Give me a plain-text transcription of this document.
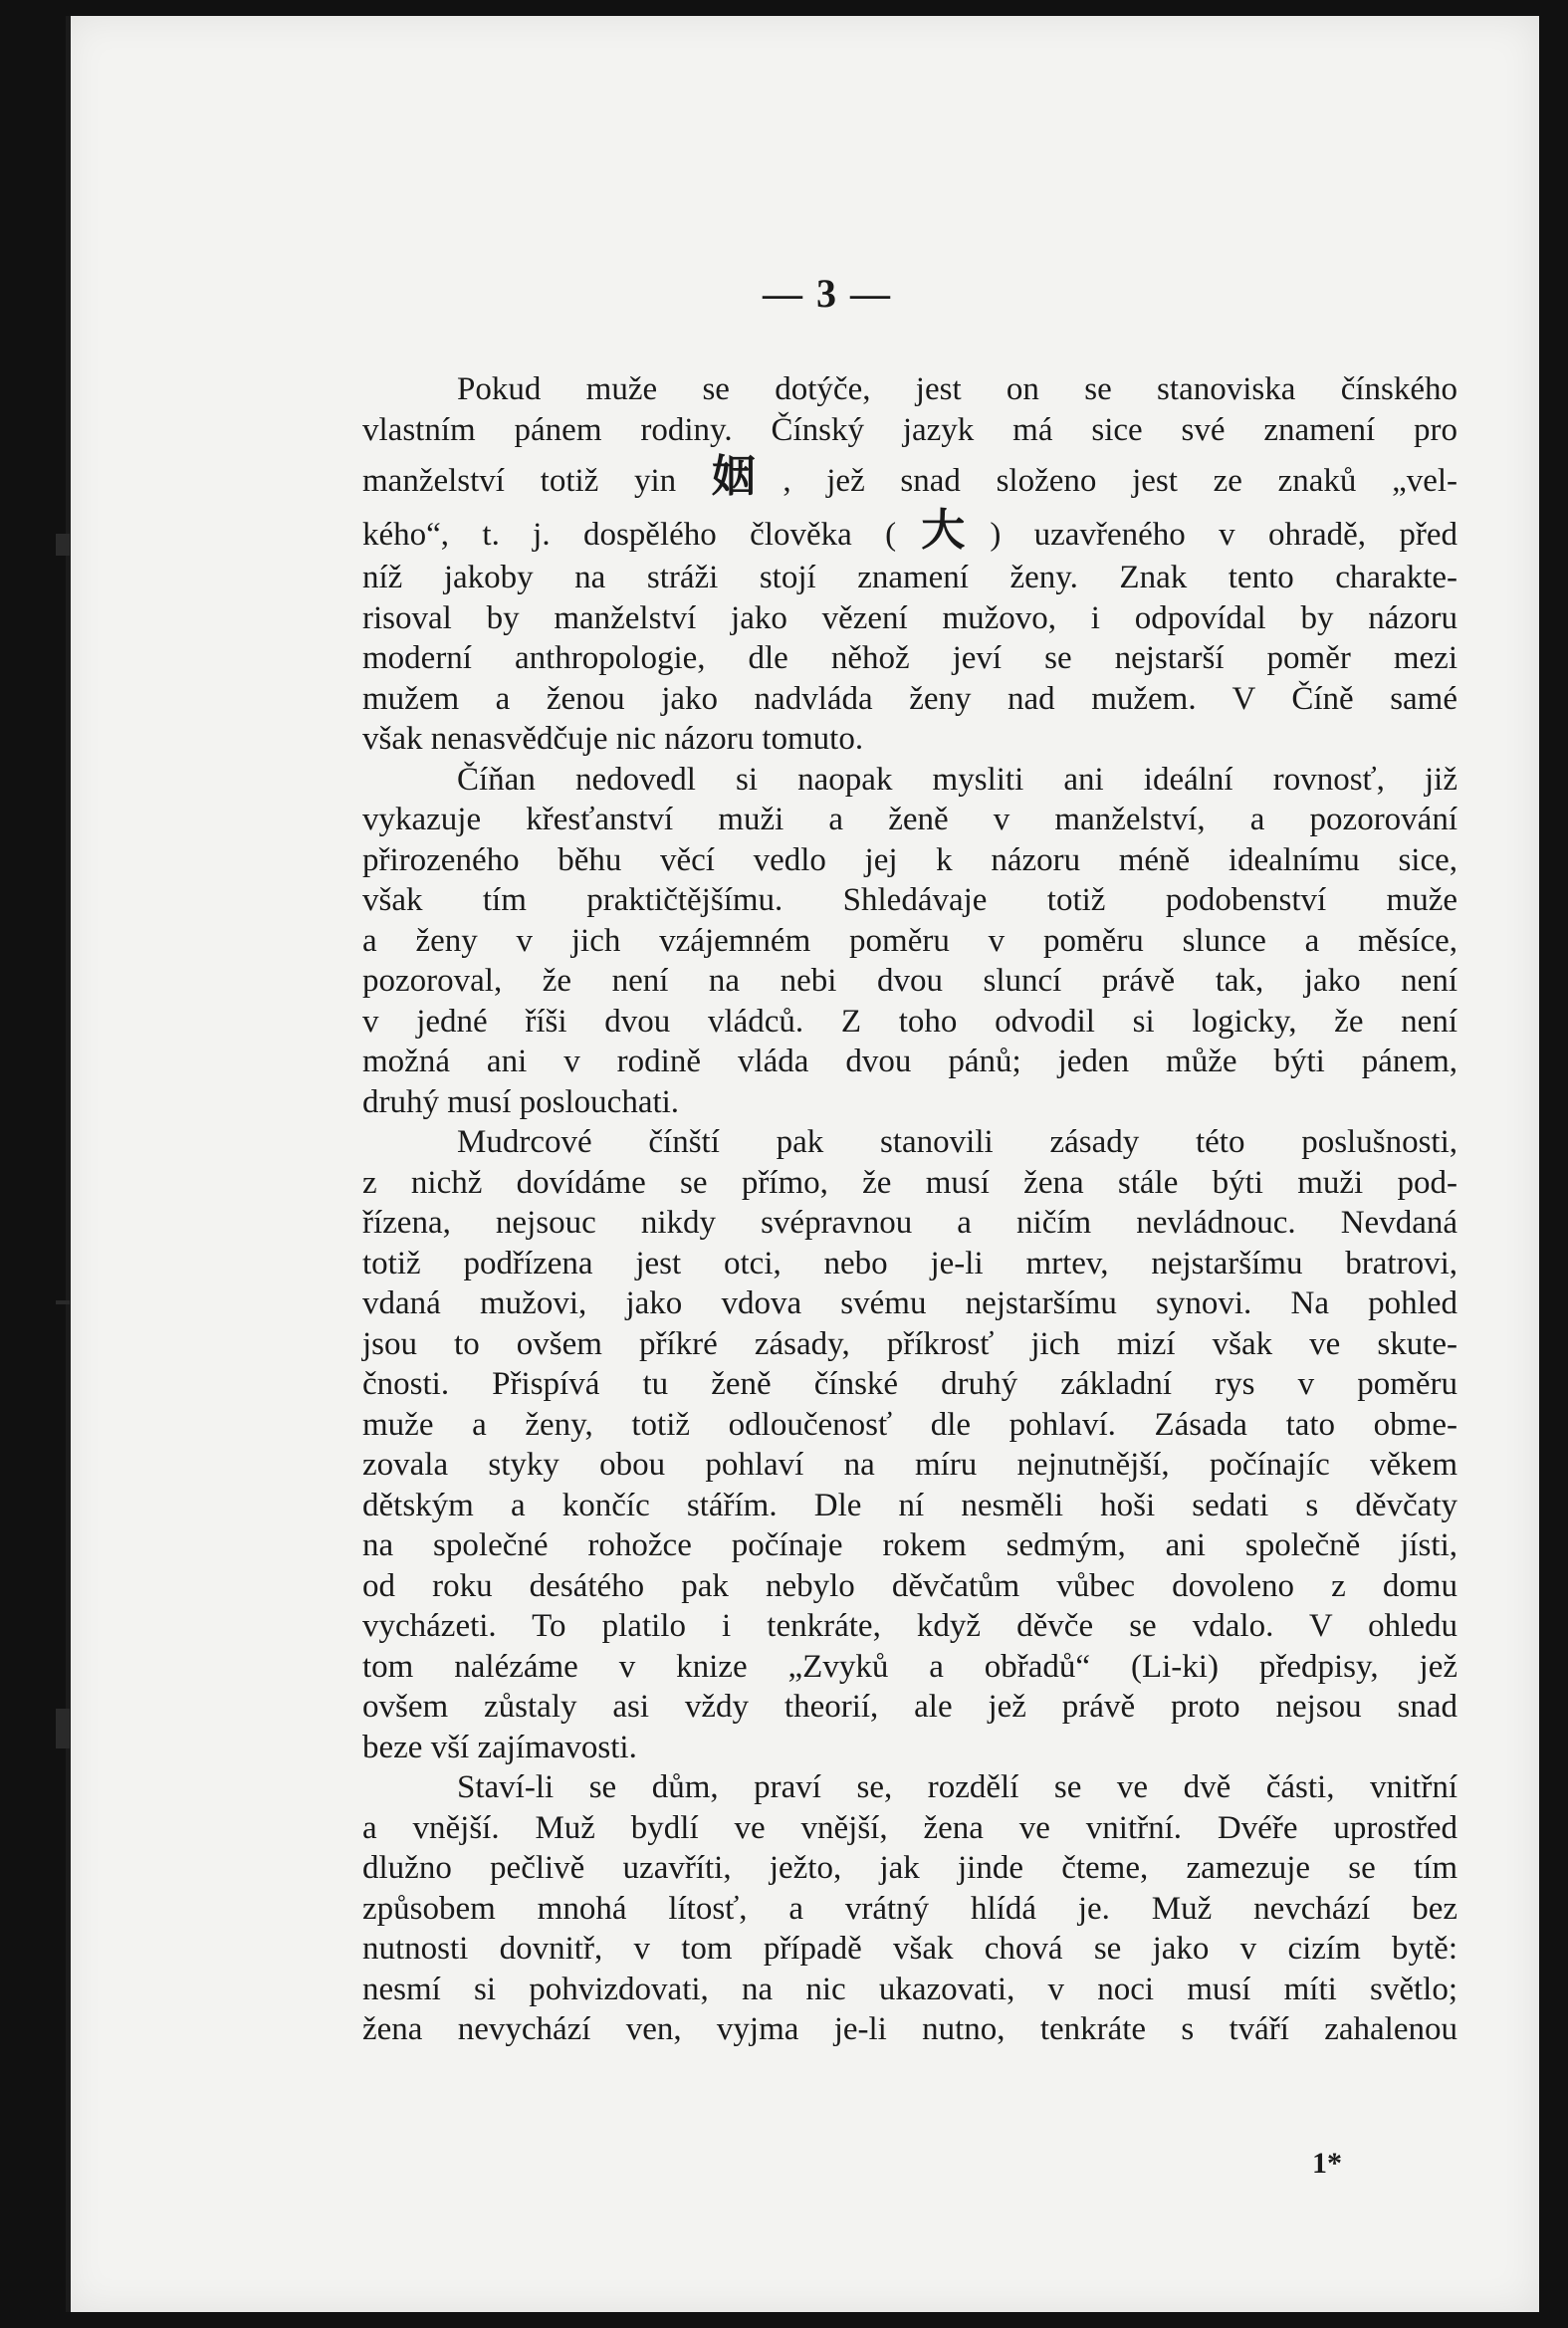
— 3 —
Pokud muže se dotýče, jest on se stanoviska čínského
vlastním pánem rodiny. Čínský jazyk má sice své znamení pro
manželství totiž yin 姻, jež snad složeno jest ze znaků „vel-
kého“, t. j. dospělého člověka (大) uzavřeného v ohradě, před
níž jakoby na stráži stojí znamení ženy. Znak tento charakte-
risoval by manželství jako vězení mužovo, i odpovídal by názoru
moderní anthropologie, dle něhož jeví se nejstarší poměr mezi
mužem a ženou jako nadvláda ženy nad mužem. V Číně samé
však nenasvědčuje nic názoru tomuto.
Číňan nedovedl si naopak mysliti ani ideální rovnosť, již
vykazuje křesťanství muži a ženě v manželství, a pozorování
přirozeného běhu věcí vedlo jej k názoru méně idealnímu sice,
však tím praktičtějšímu. Shledávaje totiž podobenství muže
a ženy v jich vzájemném poměru v poměru slunce a měsíce,
pozoroval, že není na nebi dvou sluncí právě tak, jako není
v jedné říši dvou vládců. Z toho odvodil si logicky, že není
možná ani v rodině vláda dvou pánů; jeden může býti pánem,
druhý musí poslouchati.
Mudrcové čínští pak stanovili zásady této poslušnosti,
z nichž dovídáme se přímo, že musí žena stále býti muži pod-
řízena, nejsouc nikdy svépravnou a ničím nevládnouc. Nevdaná
totiž podřízena jest otci, nebo je-li mrtev, nejstaršímu bratrovi,
vdaná mužovi, jako vdova svému nejstaršímu synovi. Na pohled
jsou to ovšem příkré zásady, příkrosť jich mizí však ve skute-
čnosti. Přispívá tu ženě čínské druhý základní rys v poměru
muže a ženy, totiž odloučenosť dle pohlaví. Zásada tato obme-
zovala styky obou pohlaví na míru nejnutnější, počínajíc věkem
dětským a končíc stářím. Dle ní nesměli hoši sedati s děvčaty
na společné rohožce počínaje rokem sedmým, ani společně jísti,
od roku desátého pak nebylo děvčatům vůbec dovoleno z domu
vycházeti. To platilo i tenkráte, když děvče se vdalo. V ohledu
tom nalézáme v knize „Zvyků a obřadů“ (Li-ki) předpisy, jež
ovšem zůstaly asi vždy theorií, ale jež právě proto nejsou snad
beze vší zajímavosti.
Staví-li se dům, praví se, rozdělí se ve dvě části, vnitřní
a vnější. Muž bydlí ve vnější, žena ve vnitřní. Dvéře uprostřed
dlužno pečlivě uzavříti, ježto, jak jinde čteme, zamezuje se tím
způsobem mnohá lítosť, a vrátný hlídá je. Muž nevchází bez
nutnosti dovnitř, v tom případě však chová se jako v cizím bytě:
nesmí si pohvizdovati, na nic ukazovati, v noci musí míti světlo;
žena nevychází ven, vyjma je-li nutno, tenkráte s tváří zahalenou
1*
